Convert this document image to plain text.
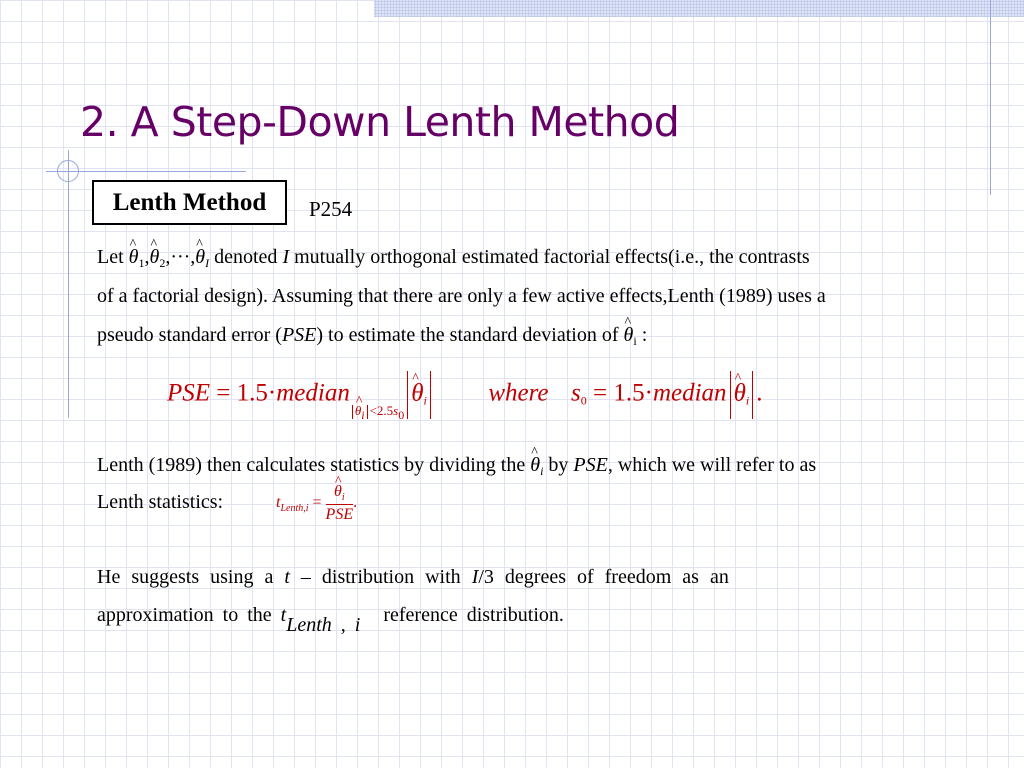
2. A Step-Down Lenth Method
Lenth Method	P254
Let ^ $\theta_1,\^{}$ $\theta_2,\cdot\cdot\cdot,\^{}$ $\theta_I$ denoted I mutually orthogonal estimated factorial effects(i.e., the contrasts
of a factorial design). Assuming that there are only a few active effects,Lenth (1989) uses a
pseudo standard error (PSE) to estimate the standard deviation of ^ $\theta_i$ :
PSE = 1.5·median^ $_{\theta i <2.5s0}$^ θi where $s_0$ = 1.5·median ^ θi .
Lenth (1989) then calculates statistics by dividing the ^ $\theta_i$ by PSE, which we will refer to as
Lenth statistics:	$t_{Lenth,i}$ = ^ $\frac{\theta_i}{\text{PSE}}$ .
He suggests using a t – distribution with I/3 degrees of freedom as an
approximation to the tLenth , i reference distribution.
